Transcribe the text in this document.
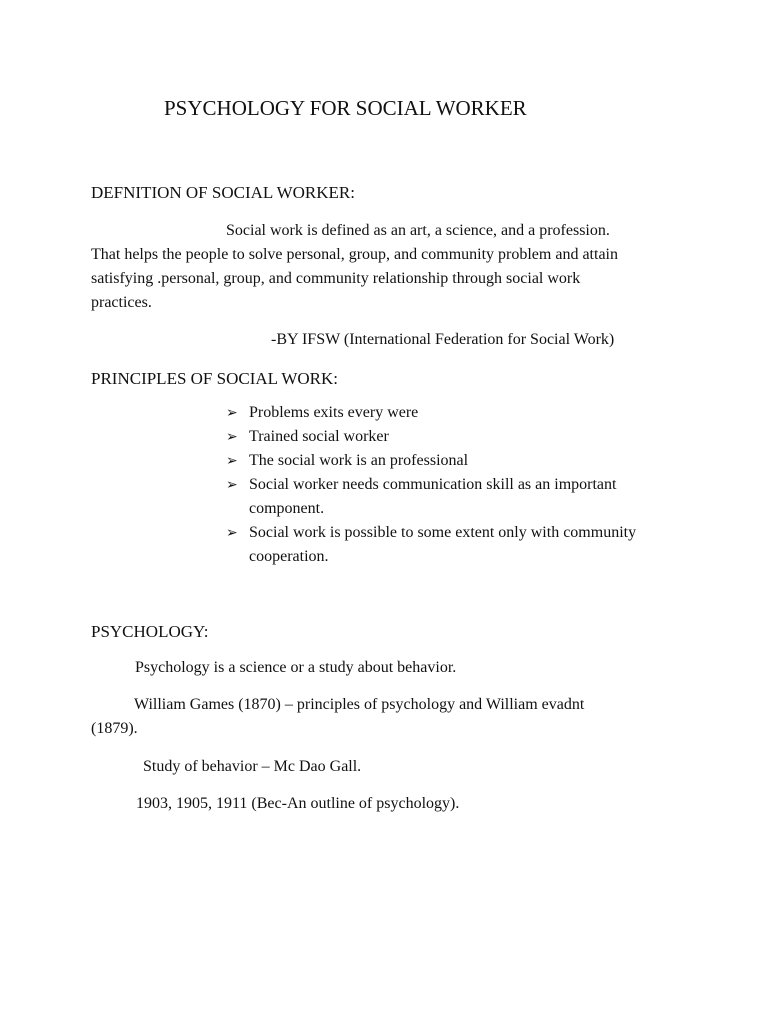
PSYCHOLOGY FOR SOCIAL WORKER
DEFNITION OF SOCIAL WORKER:
Social work is defined as an art, a science, and a profession.
That helps the people to solve personal, group, and community problem and attain
satisfying .personal, group, and community relationship through social work
practices.
-BY IFSW (International Federation for Social Work)
PRINCIPLES OF SOCIAL WORK:
➢ Problems exits every were
➢ Trained social worker
➢ The social work is an professional
➢ Social worker needs communication skill as an important
component.
➢ Social work is possible to some extent only with community
cooperation.
PSYCHOLOGY:
Psychology is a science or a study about behavior.
William Games (1870) – principles of psychology and William evadnt
(1879).
Study of behavior – Mc Dao Gall.
1903, 1905, 1911 (Bec-An outline of psychology).
